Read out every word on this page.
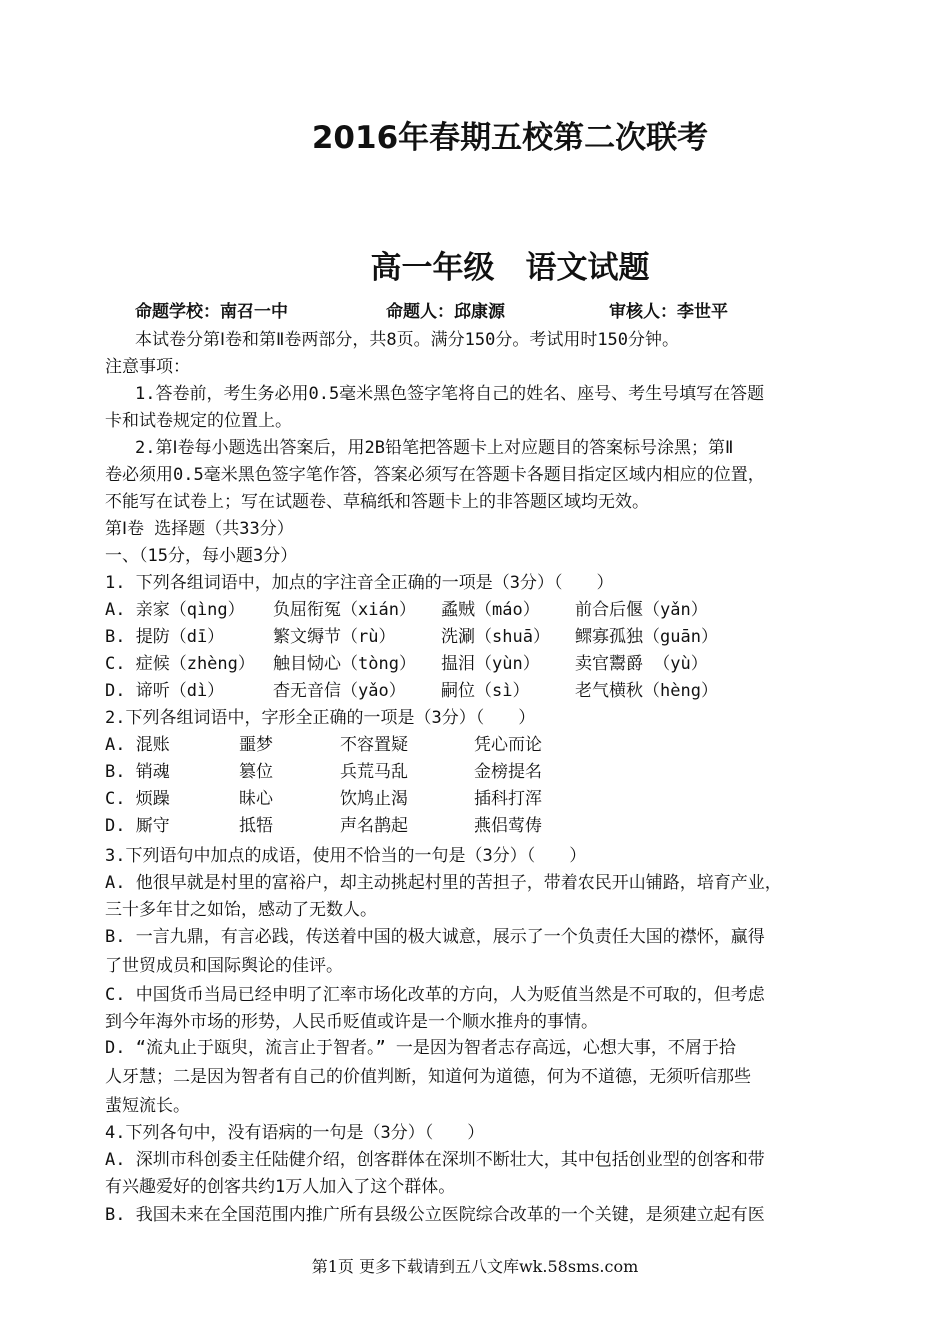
2016年春期五校第二次联考
高一年级　语文试题
命题学校：南召一中	命题人：邱康源	审核人：李世平
本试卷分第Ⅰ卷和第Ⅱ卷两部分，共8页。满分150分。考试用时150分钟。
注意事项：
1.答卷前，考生务必用0.5毫米黑色签字笔将自己的姓名、座号、考生号填写在答题
卡和试卷规定的位置上。
2.第Ⅰ卷每小题选出答案后，用2B铅笔把答题卡上对应题目的答案标号涂黑；第Ⅱ
卷必须用0.5毫米黑色签字笔作答，答案必须写在答题卡各题目指定区域内相应的位置，
不能写在试卷上；写在试题卷、草稿纸和答题卡上的非答题区域均无效。
第Ⅰ卷 选择题（共33分）
一、（15分，每小题3分）
1. 下列各组词语中，加点的字注音全正确的一项是（3分）（　　）
A. 亲家（qìng） 负屈衔冤（xián） 蟊贼（máo） 前合后偃（yǎn）
B. 提防（dī）	繁文缛节（rù）	洗涮（shuā） 鳏寡孤独（guān）
C. 症候（zhèng） 触目恸心（tòng） 揾泪（yùn） 卖官鬻爵 （yù）
D. 谛听（dì）	杳无音信（yǎo） 嗣位（sì）	老气横秋（hèng）
2.下列各组词语中，字形全正确的一项是（3分）（　　）
A. 混账	噩梦	不容置疑	凭心而论
B. 销魂	篡位	兵荒马乱	金榜提名
C. 烦躁	昧心	饮鸠止渴	插科打浑
D. 厮守	抵牾	声名鹊起	燕侣莺俦
3.下列语句中加点的成语，使用不恰当的一句是（3分）（　　）
A. 他很早就是村里的富裕户，却主动挑起村里的苦担子，带着农民开山铺路，培育产业，
三十多年甘之如饴，感动了无数人。
B. 一言九鼎，有言必践，传送着中国的极大诚意，展示了一个负责任大国的襟怀，赢得
了世贸成员和国际舆论的佳评。
C. 中国货币当局已经申明了汇率市场化改革的方向，人为贬值当然是不可取的，但考虑
到今年海外市场的形势，人民币贬值或许是一个顺水推舟的事情。
D. “流丸止于瓯臾，流言止于智者。” 一是因为智者志存高远，心想大事，不屑于拾
人牙慧；二是因为智者有自己的价值判断，知道何为道德，何为不道德，无须听信那些
蜚短流长。
4.下列各句中，没有语病的一句是（3分）（　　）
A. 深圳市科创委主任陆健介绍，创客群体在深圳不断壮大，其中包括创业型的创客和带
有兴趣爱好的创客共约1万人加入了这个群体。
B. 我国未来在全国范围内推广所有县级公立医院综合改革的一个关键，是须建立起有医
第1页 更多下载请到五八文库wk.58sms.com
